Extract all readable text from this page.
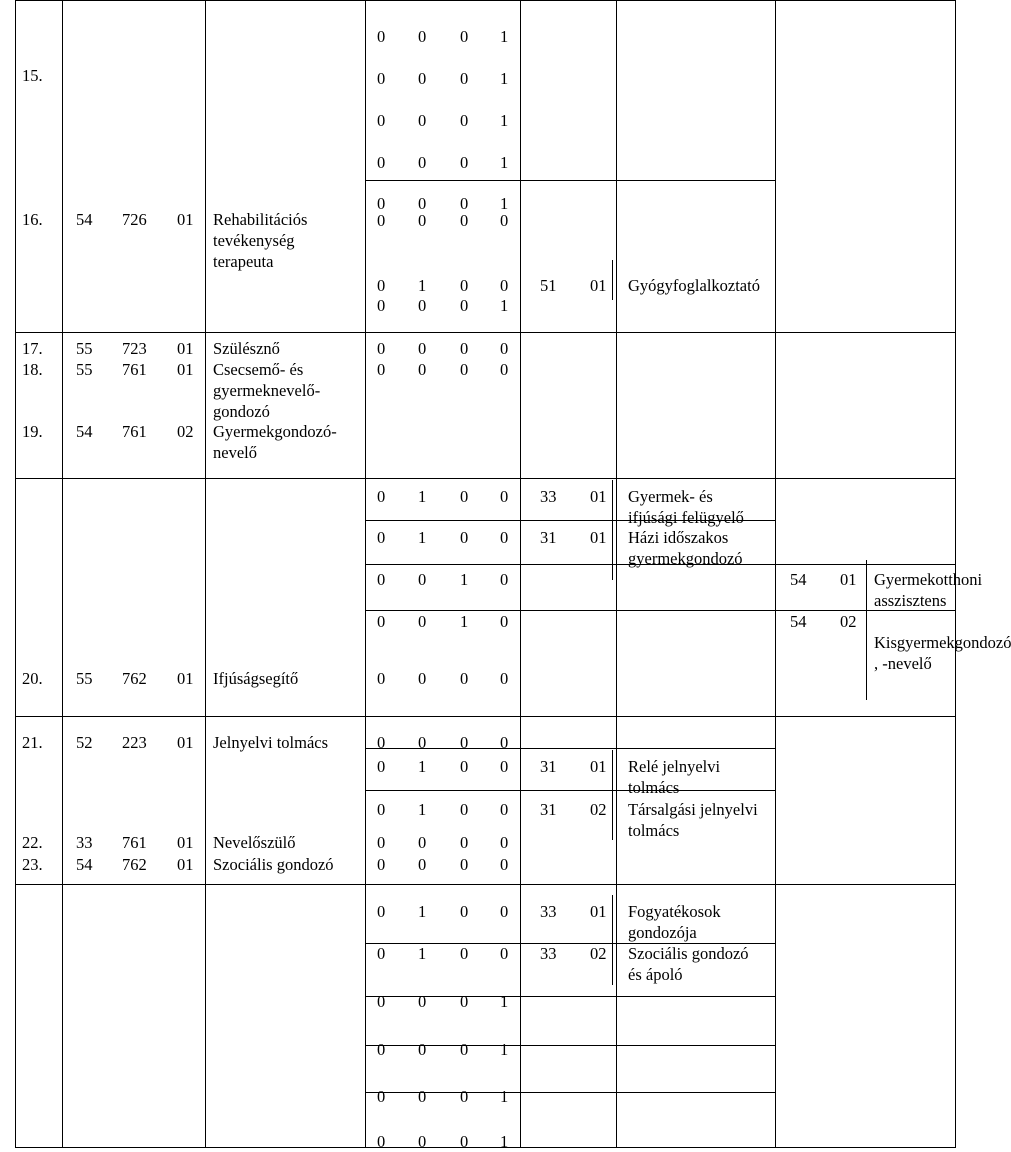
15.
16. 54 726 01 Rehabilitációs
tevékenység
terapeuta
17. 55 723 01 Szülésznő
18. 55 761 01 Csecsemő- és
gyermeknevelő-
gondozó
19. 54 761 02 Gyermekgondozó-
nevelő
20. 55 762 01 Ifjúságsegítő
21. 52 223 01 Jelnyelvi tolmács
22. 33 761 01 Nevelőszülő
23. 54 762 01 Szociális gondozó
0 0 0 1
0 0 0 1
0 0 0 1
0 0 0 1
0 0 0 1
0 0 0 0
0 1 0 0
0 0 0 1
0 0 0 0
0 0 0 0
0 1 0 0
0 1 0 0
0 0 1 0
0 0 1 0
0 0 0 0
0 0 0 0
0 1 0 0
0 1 0 0
0 0 0 0
0 0 0 0
0 1 0 0
0 1 0 0
0 0 0 1
0 0 0 1
0 0 0 1
0 0 0 1
51 01 Gyógyfoglalkoztató
33 01 Gyermek- és
ifjúsági felügyelő
31 01 Házi időszakos
gyermekgondozó
54 01 Gyermekotthoni
asszisztens
54 02
Kisgyermekgondozó
, -nevelő
31 01 Relé jelnyelvi
tolmács
31 02 Társalgási jelnyelvi
tolmács
33 01 Fogyatékosok
gondozója
33 02 Szociális gondozó
és ápoló
